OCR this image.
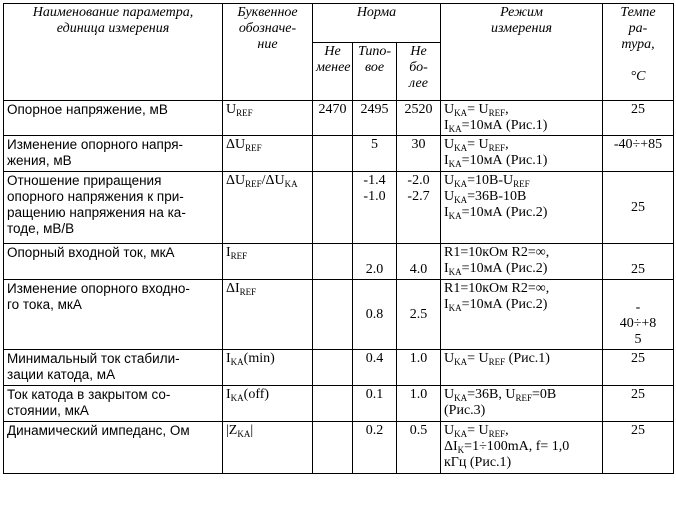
Наименование параметра,
единица измерения	Буквенное
обозначе-
ние	Норма			Режим
измерения	Темпе
ра-
тура,

°С
		Не
менее	Типо-
вое	Не бо-
лее		
Опорное напряжение, мВ	$U_{REF}$	2470	2495	2520	$U_{KA}= U_{REF}$,
$I_{KA}=10мА$ (Рис.1)	25
Изменение опорного напря-
жения, мВ	$\Delta U_{REF}$		5	30	$U_{KA}= U_{REF}$,
$I_{KA}=10мА$ (Рис.1)	-40÷+85
Отношение приращения
опорного напряжения к при-
ращению напряжения на ка-
тоде, мВ/В	$\Delta U_{REF}/\Delta U_{KA}$		-1.4
-1.0	-2.0
-2.7	$U_{KA}=10В-U_{REF}$
$U_{KA}=36В-10В$
$I_{KA}=10мА$ (Рис.2)	25
Опорный входной ток, мкА	$I_{REF}$		2.0	4.0	R1=10кОм R2=∞,
$I_{KA}=10мА$ (Рис.2)	25
Изменение опорного входно-
го тока, мкА	$\Delta I_{REF}$		0.8	2.5	R1=10кОм R2=∞,
$I_{KA}=10мА$ (Рис.2)	-
40÷+8
5
Минимальный ток стабили-
зации катода, мА	$I_{KA}(\min)$		0.4	1.0	$U_{KA}= U_{REF}$ (Рис.1)	25
Ток катода в закрытом со-
стоянии, мкА	$I_{KA}(off)$		0.1	1.0	$U_{KA}=36В$, $U_{REF}=0В$
(Рис.3)	25
Динамический импеданс, Ом	$|Z_{KA}|$		0.2	0.5	$U_{KA}= U_{REF}$,
$\Delta I_K=1\div 100mA$, f= 1,0
кГц (Рис.1)	25
